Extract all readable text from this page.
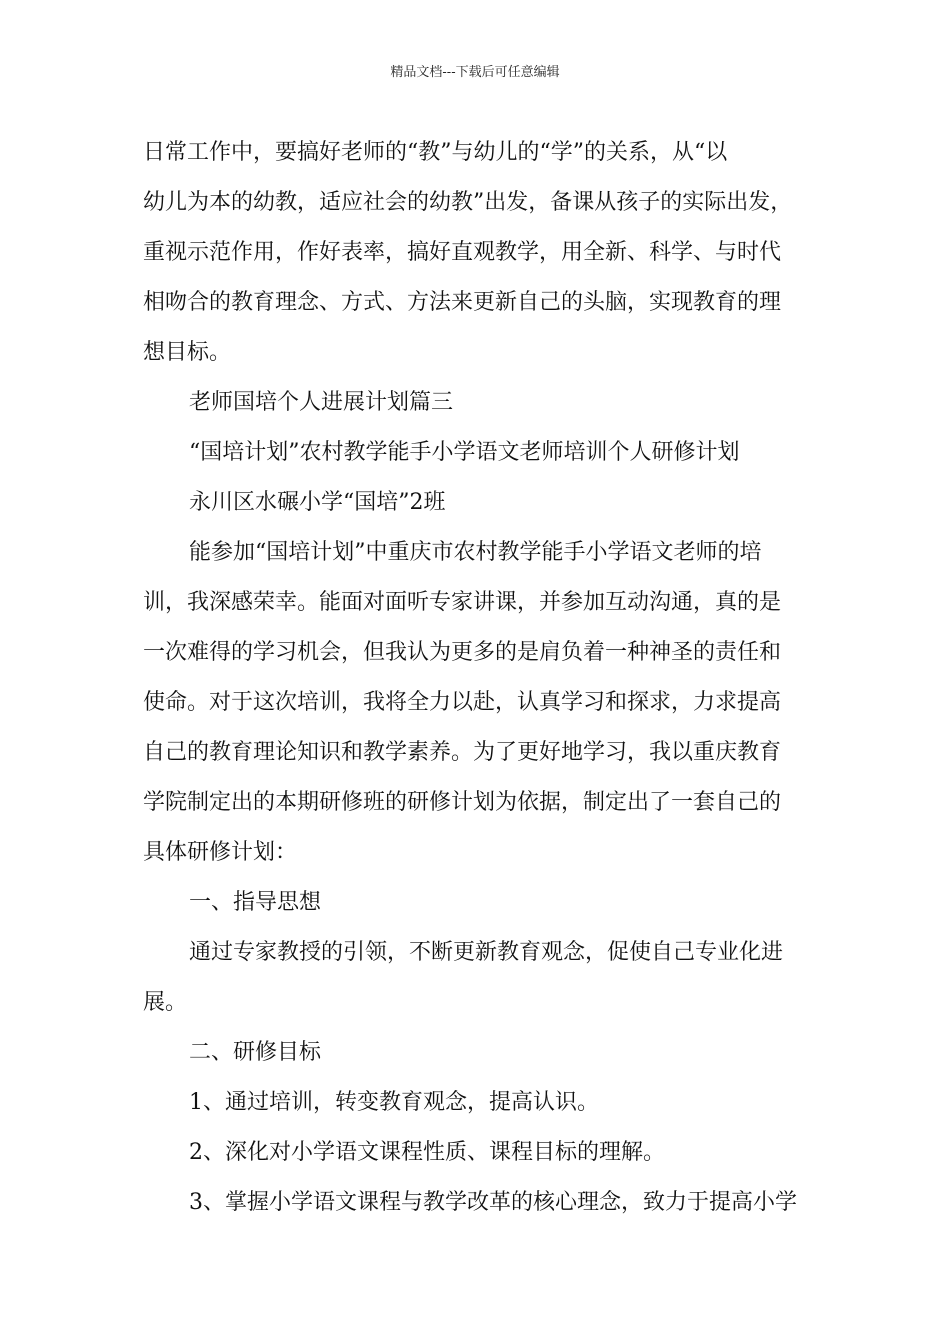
精品文档---下载后可任意编辑
日常工作中，要搞好老师的“教”与幼儿的“学”的关系，从“以
幼儿为本的幼教，适应社会的幼教”出发，备课从孩子的实际出发，
重视示范作用，作好表率，搞好直观教学，用全新、科学、与时代
相吻合的教育理念、方式、方法来更新自己的头脑，实现教育的理
想目标。
老师国培个人进展计划篇三
“国培计划”农村教学能手小学语文老师培训个人研修计划
永川区水碾小学“国培”2班
能参加“国培计划”中重庆市农村教学能手小学语文老师的培
训，我深感荣幸。能面对面听专家讲课，并参加互动沟通，真的是
一次难得的学习机会，但我认为更多的是肩负着一种神圣的责任和
使命。对于这次培训，我将全力以赴，认真学习和探求，力求提高
自己的教育理论知识和教学素养。为了更好地学习，我以重庆教育
学院制定出的本期研修班的研修计划为依据，制定出了一套自己的
具体研修计划：
一、指导思想
通过专家教授的引领，不断更新教育观念，促使自己专业化进
展。
二、研修目标
1、通过培训，转变教育观念，提高认识。
2、深化对小学语文课程性质、课程目标的理解。
3、掌握小学语文课程与教学改革的核心理念，致力于提高小学
